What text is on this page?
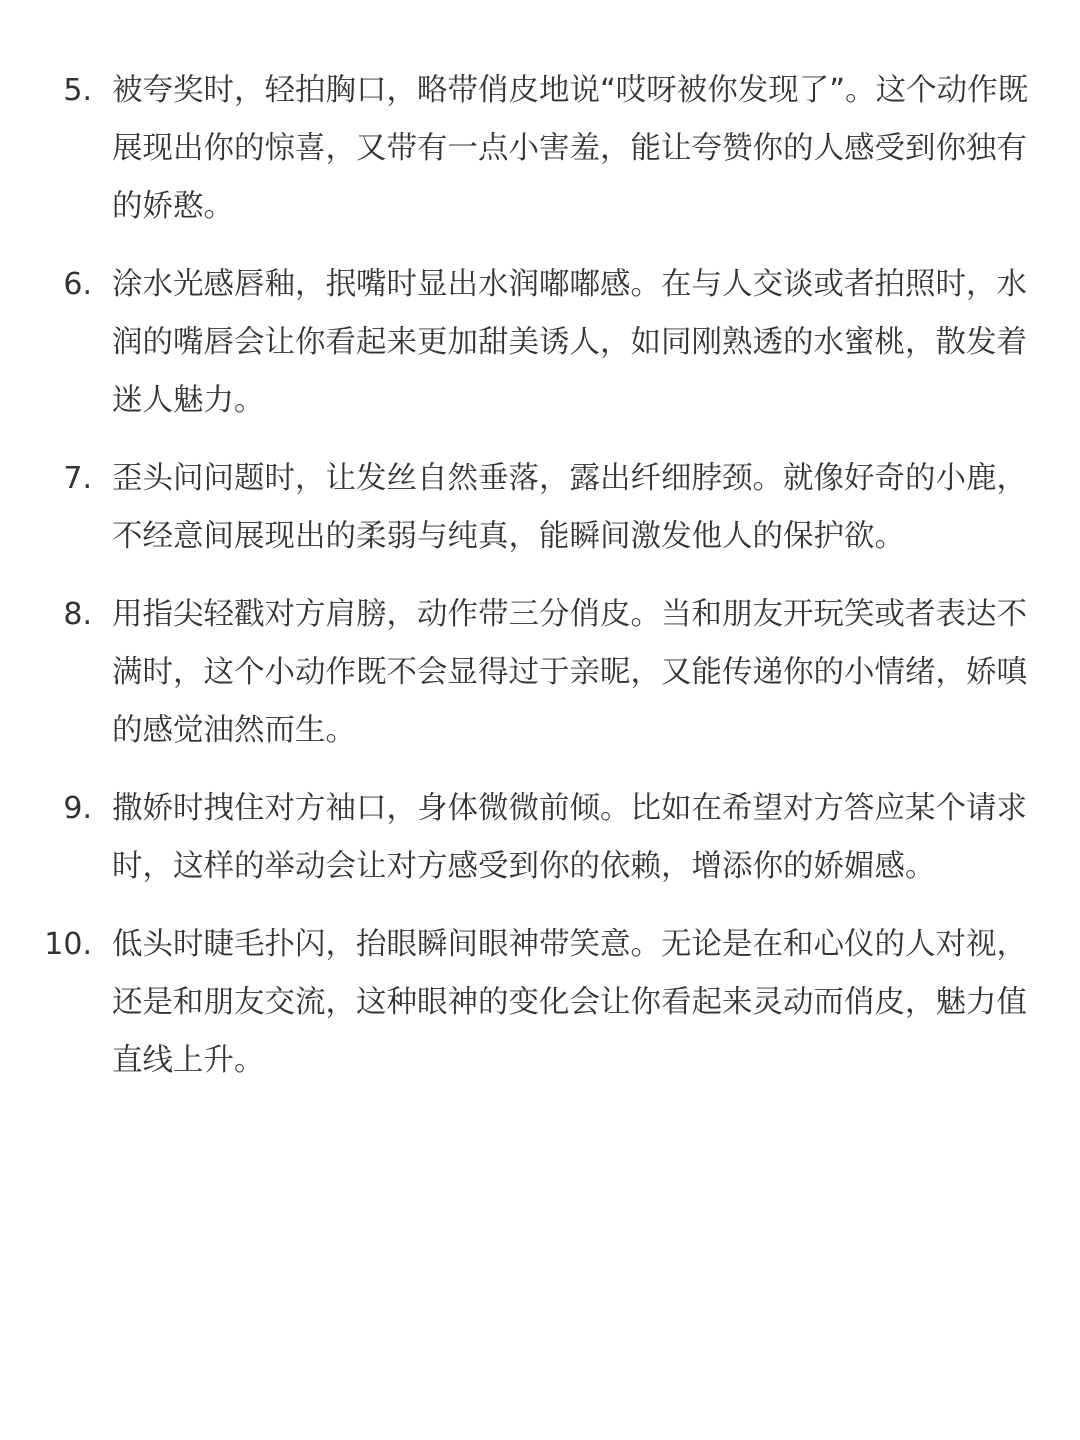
5. 被夸奖时，轻拍胸口，略带俏皮地说“哎呀被你发现了”。这个动作既展现出你的惊喜，又带有一点小害羞，能让夸赞你的人感受到你独有的娇憨。
6. 涂水光感唇釉，抿嘴时显出水润嘟嘟感。在与人交谈或者拍照时，水润的嘴唇会让你看起来更加甜美诱人，如同刚熟透的水蜜桃，散发着迷人魅力。
7. 歪头问问题时，让发丝自然垂落，露出纤细脖颈。就像好奇的小鹿，不经意间展现出的柔弱与纯真，能瞬间激发他人的保护欲。
8. 用指尖轻戳对方肩膀，动作带三分俏皮。当和朋友开玩笑或者表达不满时，这个小动作既不会显得过于亲昵，又能传递你的小情绪，娇嗔的感觉油然而生。
9. 撒娇时拽住对方袖口，身体微微前倾。比如在希望对方答应某个请求时，这样的举动会让对方感受到你的依赖，增添你的娇媚感。
10. 低头时睫毛扑闪，抬眼瞬间眼神带笑意。无论是在和心仪的人对视，还是和朋友交流，这种眼神的变化会让你看起来灵动而俏皮，魅力值直线上升。
